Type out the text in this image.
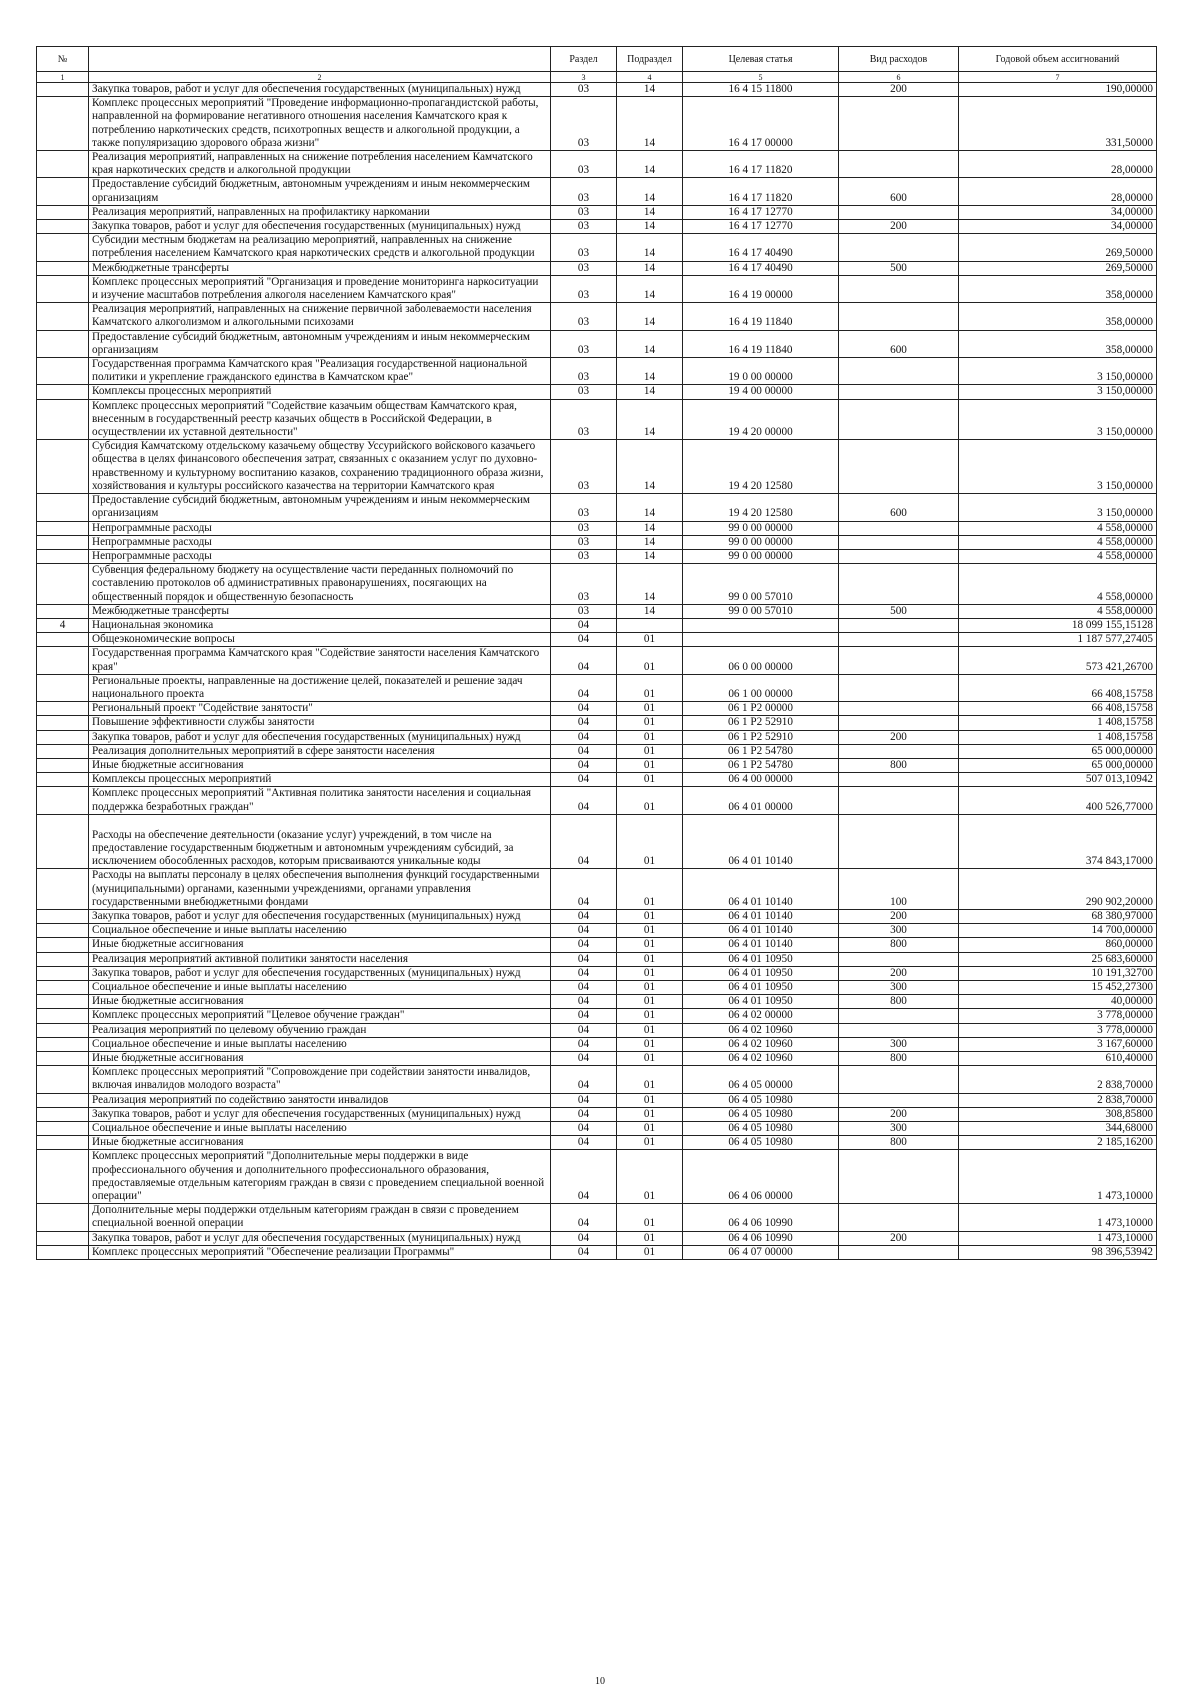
№		Раздел	Подраздел	Целевая статья	Вид расходов	Годовой объем ассигнований
1	2	3	4	5	6	7
	Закупка товаров, работ и услуг для обеспечения государственных (муниципальных) нужд	03	14	16 4 15 11800	200	190,00000
	Комплекс процессных мероприятий "Проведение информационно-пропагандистской работы, направленной на формирование негативного отношения населения Камчатского края к потреблению наркотических средств, психотропных веществ и алкогольной продукции, а также популяризацию здорового образа жизни"	03	14	16 4 17 00000		331,50000
	Реализация мероприятий, направленных на снижение потребления населением Камчатского края наркотических средств и алкогольной продукции	03	14	16 4 17 11820		28,00000
	Предоставление субсидий бюджетным, автономным учреждениям и иным некоммерческим организациям	03	14	16 4 17 11820	600	28,00000
	Реализация мероприятий, направленных на профилактику наркомании	03	14	16 4 17 12770		34,00000
	Закупка товаров, работ и услуг для обеспечения государственных (муниципальных) нужд	03	14	16 4 17 12770	200	34,00000
	Субсидии местным бюджетам на реализацию мероприятий, направленных на снижение потребления населением Камчатского края наркотических средств и алкогольной продукции	03	14	16 4 17 40490		269,50000
	Межбюджетные трансферты	03	14	16 4 17 40490	500	269,50000
	Комплекс процессных мероприятий "Организация и проведение мониторинга наркоситуации и изучение масштабов потребления алкоголя населением Камчатского края"	03	14	16 4 19 00000		358,00000
	Реализация мероприятий, направленных на снижение первичной заболеваемости населения Камчатского алкоголизмом и алкогольными психозами	03	14	16 4 19 11840		358,00000
	Предоставление субсидий бюджетным, автономным учреждениям и иным некоммерческим организациям	03	14	16 4 19 11840	600	358,00000
	Государственная программа Камчатского края "Реализация государственной национальной политики и укрепление гражданского единства в Камчатском крае"	03	14	19 0 00 00000		3 150,00000
	Комплексы процессных мероприятий	03	14	19 4 00 00000		3 150,00000
	Комплекс процессных мероприятий "Содействие казачьим обществам Камчатского края, внесенным в государственный реестр казачьих обществ в Российской Федерации, в осуществлении их уставной деятельности"	03	14	19 4 20 00000		3 150,00000
	Субсидия Камчатскому отдельскому казачьему обществу Уссурийского войскового казачьего общества в целях финансового обеспечения затрат, связанных с оказанием услуг по духовно-нравственному и культурному воспитанию казаков, сохранению традиционного образа жизни, хозяйствования и культуры российского казачества на территории Камчатского края	03	14	19 4 20 12580		3 150,00000
	Предоставление субсидий бюджетным, автономным учреждениям и иным некоммерческим организациям	03	14	19 4 20 12580	600	3 150,00000
	Непрограммные расходы	03	14	99 0 00 00000		4 558,00000
	Непрограммные расходы	03	14	99 0 00 00000		4 558,00000
	Непрограммные расходы	03	14	99 0 00 00000		4 558,00000
	Субвенция федеральному бюджету на осуществление части переданных полномочий по составлению протоколов об административных правонарушениях, посягающих на общественный порядок и общественную безопасность	03	14	99 0 00 57010		4 558,00000
	Межбюджетные трансферты	03	14	99 0 00 57010	500	4 558,00000
4	Национальная экономика	04				18 099 155,15128
	Общеэкономические вопросы	04	01			1 187 577,27405
	Государственная программа Камчатского края "Содействие занятости населения Камчатского края"	04	01	06 0 00 00000		573 421,26700
	Региональные проекты, направленные на достижение целей, показателей и решение задач национального проекта	04	01	06 1 00 00000		66 408,15758
	Региональный проект "Содействие занятости"	04	01	06 1 P2 00000		66 408,15758
	Повышение эффективности службы занятости	04	01	06 1 P2 52910		1 408,15758
	Закупка товаров, работ и услуг для обеспечения государственных (муниципальных) нужд	04	01	06 1 P2 52910	200	1 408,15758
	Реализация дополнительных мероприятий в сфере занятости населения	04	01	06 1 P2 54780		65 000,00000
	Иные бюджетные ассигнования	04	01	06 1 P2 54780	800	65 000,00000
	Комплексы процессных мероприятий	04	01	06 4 00 00000		507 013,10942
	Комплекс процессных мероприятий "Активная политика занятости населения и социальная поддержка безработных граждан"	04	01	06 4 01 00000		400 526,77000
	Расходы на обеспечение деятельности (оказание услуг) учреждений, в том числе на предоставление государственным бюджетным и автономным учреждениям субсидий, за исключением обособленных расходов, которым присваиваются уникальные коды	04	01	06 4 01 10140		374 843,17000
	Расходы на выплаты персоналу в целях обеспечения выполнения функций государственными (муниципальными) органами, казенными учреждениями, органами управления государственными внебюджетными фондами	04	01	06 4 01 10140	100	290 902,20000
	Закупка товаров, работ и услуг для обеспечения государственных (муниципальных) нужд	04	01	06 4 01 10140	200	68 380,97000
	Социальное обеспечение и иные выплаты населению	04	01	06 4 01 10140	300	14 700,00000
	Иные бюджетные ассигнования	04	01	06 4 01 10140	800	860,00000
	Реализация мероприятий активной политики занятости населения	04	01	06 4 01 10950		25 683,60000
	Закупка товаров, работ и услуг для обеспечения государственных (муниципальных) нужд	04	01	06 4 01 10950	200	10 191,32700
	Социальное обеспечение и иные выплаты населению	04	01	06 4 01 10950	300	15 452,27300
	Иные бюджетные ассигнования	04	01	06 4 01 10950	800	40,00000
	Комплекс процессных мероприятий "Целевое обучение граждан"	04	01	06 4 02 00000		3 778,00000
	Реализация мероприятий по целевому обучению граждан	04	01	06 4 02 10960		3 778,00000
	Социальное обеспечение и иные выплаты населению	04	01	06 4 02 10960	300	3 167,60000
	Иные бюджетные ассигнования	04	01	06 4 02 10960	800	610,40000
	Комплекс процессных мероприятий "Сопровождение при содействии занятости инвалидов, включая инвалидов молодого возраста"	04	01	06 4 05 00000		2 838,70000
	Реализация мероприятий по содействию занятости инвалидов	04	01	06 4 05 10980		2 838,70000
	Закупка товаров, работ и услуг для обеспечения государственных (муниципальных) нужд	04	01	06 4 05 10980	200	308,85800
	Социальное обеспечение и иные выплаты населению	04	01	06 4 05 10980	300	344,68000
	Иные бюджетные ассигнования	04	01	06 4 05 10980	800	2 185,16200
	Комплекс процессных мероприятий "Дополнительные меры поддержки в виде профессионального обучения и дополнительного профессионального образования, предоставляемые отдельным категориям граждан в связи с проведением специальной военной операции"	04	01	06 4 06 00000		1 473,10000
	Дополнительные меры поддержки отдельным категориям граждан в связи с проведением специальной военной операции	04	01	06 4 06 10990		1 473,10000
	Закупка товаров, работ и услуг для обеспечения государственных (муниципальных) нужд	04	01	06 4 06 10990	200	1 473,10000
	Комплекс процессных мероприятий "Обеспечение реализации Программы"	04	01	06 4 07 00000		98 396,53942
10
